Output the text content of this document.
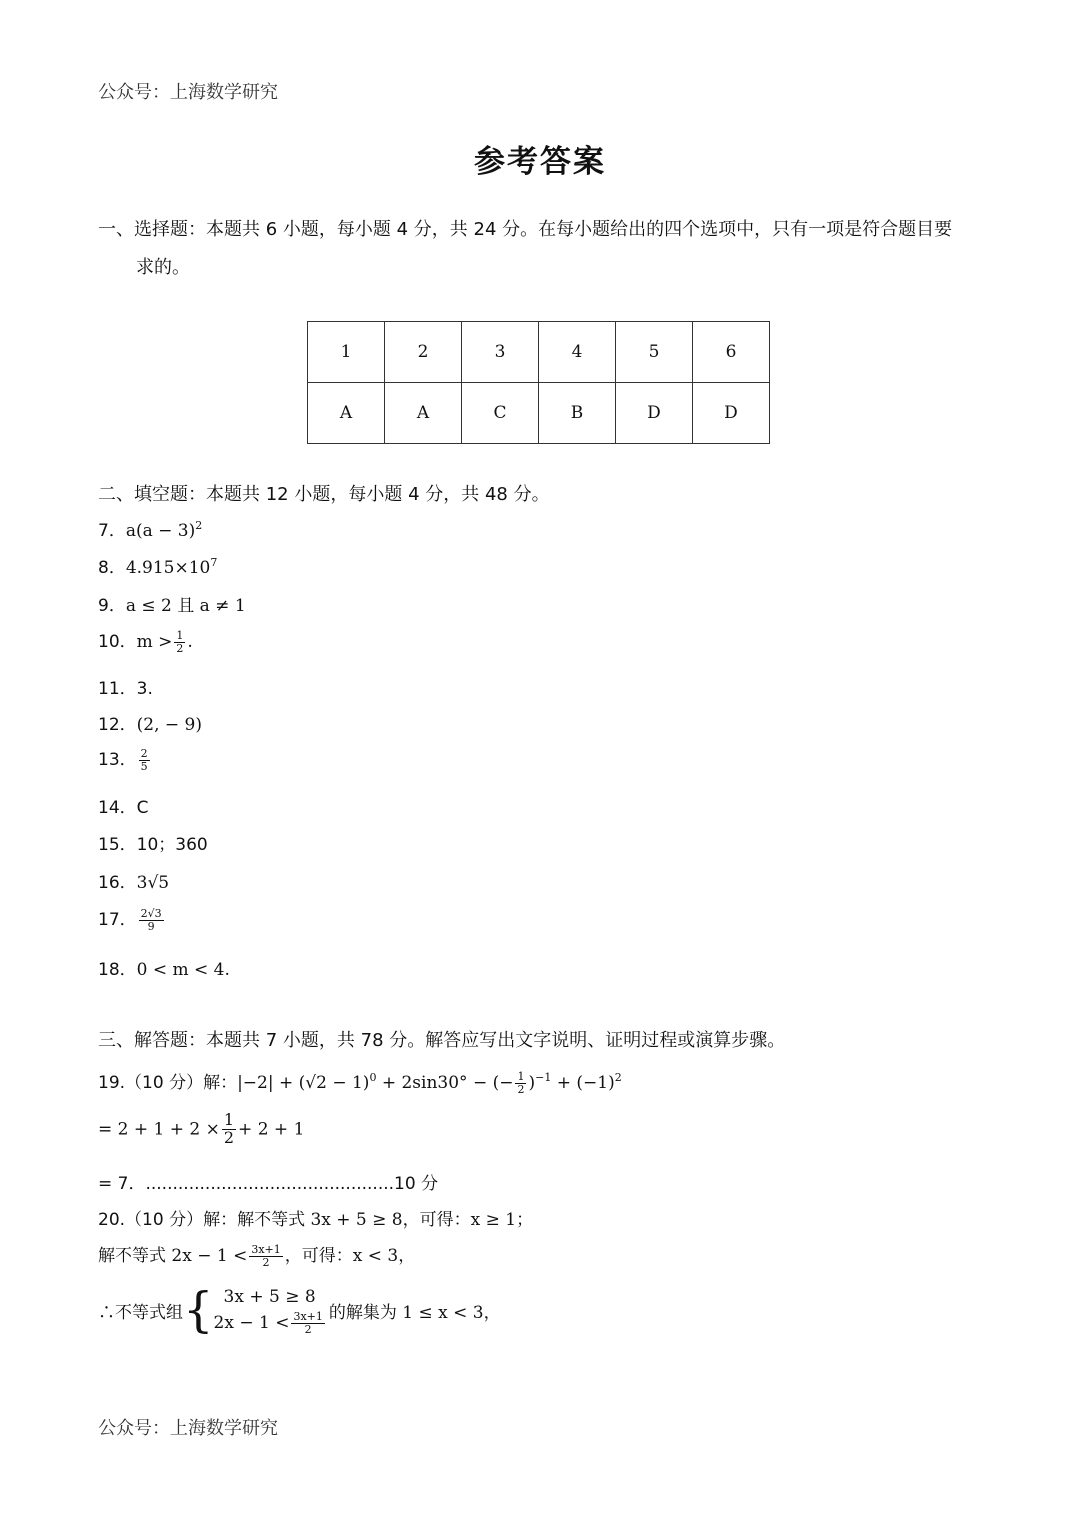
公众号：上海数学研究
参考答案
一、选择题：本题共 6 小题，每小题 4 分，共 24 分。在每小题给出的四个选项中，只有一项是符合题目要
求的。
1	2	3	4	5	6
A	A	C	B	D	D
二、填空题：本题共 12 小题，每小题 4 分，共 48 分。
7．$a(a - 3)^2$
8．$4.915\times 10^7$
9．a ≤ 2 且 a ≠ 1
10．$m > \frac{1}{2}$ .
11．3.
12．(2, − 9)
13． $\frac{2}{5}$
14．C
15．10；360
16．3√5
17． $\frac{2√3}{9}$
18．0 < m < 4.
三、解答题：本题共 7 小题，共 78 分。解答应写出文字说明、证明过程或演算步骤。
19.（10 分）解：$|-2| + (√2 - 1)^0 + 2\sin 30^\circ$ − (− $\frac{1}{2} )^{-1} + (-1)^2$
= $2 + 1 + 2 \times \frac{1}{2} + 2 + 1$
= 7．..............................................10 分
20.（10 分）解：解不等式 3x + 5 ≥ 8，可得：x ≥ 1；
解不等式 $2x - 1 < \frac{3x+1}{2}$ ，可得：x < 3，
∴不等式组 { 3x + 5 ≥ 8
$2x - 1 < \frac{3x+1}{2}$ 的解集为 1 ≤ x < 3，
公众号：上海数学研究
